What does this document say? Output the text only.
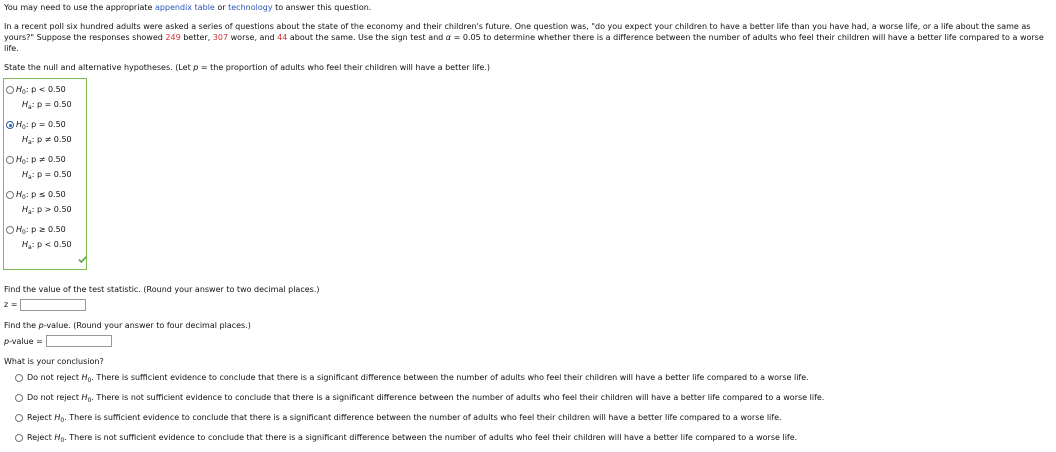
You may need to use the appropriate appendix table or technology to answer this question.
In a recent poll six hundred adults were asked a series of questions about the state of the economy and their children's future. One question was, "do you expect your children to have a better life than you have had, a worse life, or a life about the same as yours?" Suppose the responses showed 249 better, 307 worse, and 44 about the same. Use the sign test and α = 0.05 to determine whether there is a difference between the number of adults who feel their children will have a better life compared to a worse life.
State the null and alternative hypotheses. (Let p = the proportion of adults who feel their children will have a better life.)
$H_0$: p < 0.50
$H_a$: p = 0.50
$H_0$: p = 0.50
$H_a$: p ≠ 0.50
$H_0$: p ≠ 0.50
$H_a$: p = 0.50
$H_0$: p ≤ 0.50
$H_a$: p > 0.50
$H_0$: p ≥ 0.50
$H_a$: p < 0.50
Find the value of the test statistic. (Round your answer to two decimal places.)
z =
Find the p-value. (Round your answer to four decimal places.)
p-value =
What is your conclusion?
Do not reject $H_0$. There is sufficient evidence to conclude that there is a significant difference between the number of adults who feel their children will have a better life compared to a worse life.
Do not reject $H_0$. There is not sufficient evidence to conclude that there is a significant difference between the number of adults who feel their children will have a better life compared to a worse life.
Reject $H_0$. There is sufficient evidence to conclude that there is a significant difference between the number of adults who feel their children will have a better life compared to a worse life.
Reject $H_0$. There is not sufficient evidence to conclude that there is a significant difference between the number of adults who feel their children will have a better life compared to a worse life.
